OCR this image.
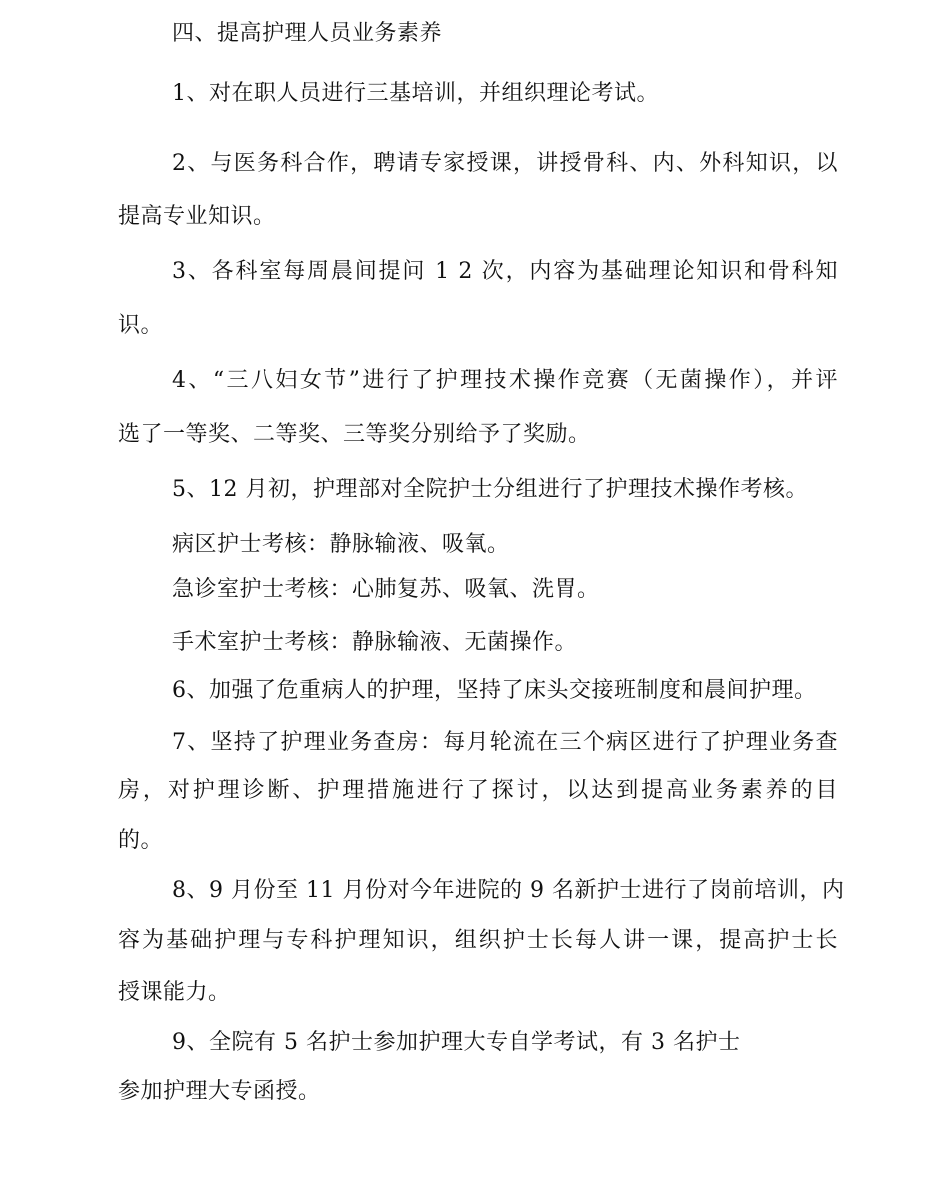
四、提高护理人员业务素养
1、对在职人员进行三基培训，并组织理论考试。
2、与医务科合作，聘请专家授课，讲授骨科、内、外科知识，以
提高专业知识。
3、各科室每周晨间提问 1 2 次，内容为基础理论知识和骨科知
识。
4、“三八妇女节”进行了护理技术操作竞赛（无菌操作），并评
选了一等奖、二等奖、三等奖分别给予了奖励。
5、12 月初，护理部对全院护士分组进行了护理技术操作考核。
病区护士考核：静脉输液、吸氧。
急诊室护士考核：心肺复苏、吸氧、洗胃。
手术室护士考核：静脉输液、无菌操作。
6、加强了危重病人的护理，坚持了床头交接班制度和晨间护理。
7、坚持了护理业务查房：每月轮流在三个病区进行了护理业务查
房，对护理诊断、护理措施进行了探讨，以达到提高业务素养的目
的。
8、9 月份至 11 月份对今年进院的 9 名新护士进行了岗前培训，内
容为基础护理与专科护理知识，组织护士长每人讲一课，提高护士长
授课能力。
9、全院有 5 名护士参加护理大专自学考试，有 3 名护士
参加护理大专函授。
